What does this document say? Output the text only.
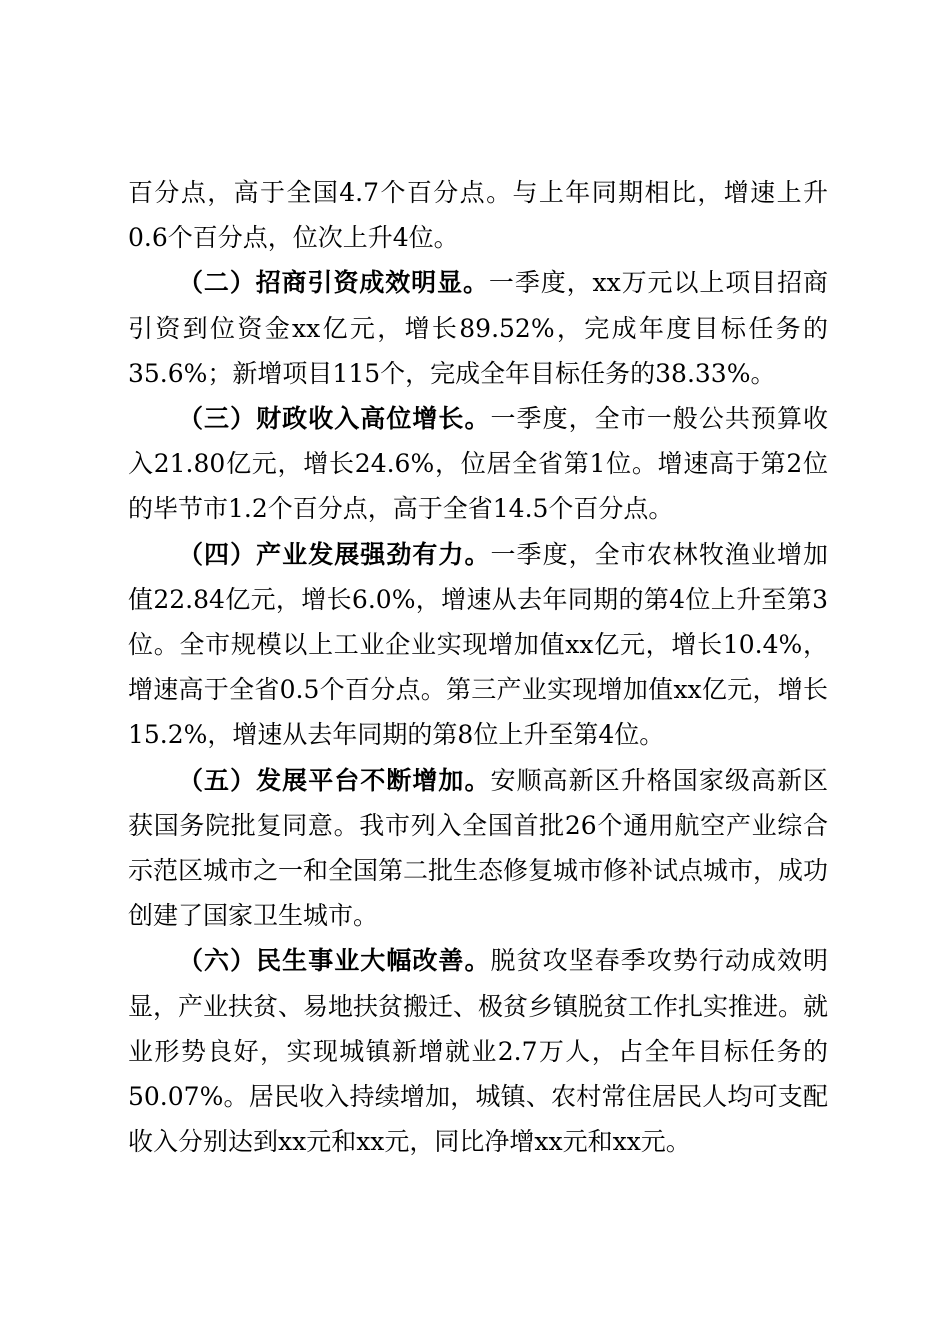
百分点，高于全国4.7个百分点。与上年同期相比，增速上升0.6个百分点，位次上升4位。

（二）招商引资成效明显。一季度，xx万元以上项目招商引资到位资金xx亿元，增长89.52%，完成年度目标任务的35.6%；新增项目115个，完成全年目标任务的38.33%。

（三）财政收入高位增长。一季度，全市一般公共预算收入21.80亿元，增长24.6%，位居全省第1位。增速高于第2位的毕节市1.2个百分点，高于全省14.5个百分点。

（四）产业发展强劲有力。一季度，全市农林牧渔业增加值22.84亿元，增长6.0%，增速从去年同期的第4位上升至第3位。全市规模以上工业企业实现增加值xx亿元，增长10.4%，增速高于全省0.5个百分点。第三产业实现增加值xx亿元，增长15.2%，增速从去年同期的第8位上升至第4位。

（五）发展平台不断增加。安顺高新区升格国家级高新区获国务院批复同意。我市列入全国首批26个通用航空产业综合示范区城市之一和全国第二批生态修复城市修补试点城市，成功创建了国家卫生城市。

（六）民生事业大幅改善。脱贫攻坚春季攻势行动成效明显，产业扶贫、易地扶贫搬迁、极贫乡镇脱贫工作扎实推进。就业形势良好，实现城镇新增就业2.7万人，占全年目标任务的50.07%。居民收入持续增加，城镇、农村常住居民人均可支配收入分别达到xx元和xx元，同比净增xx元和xx元。
